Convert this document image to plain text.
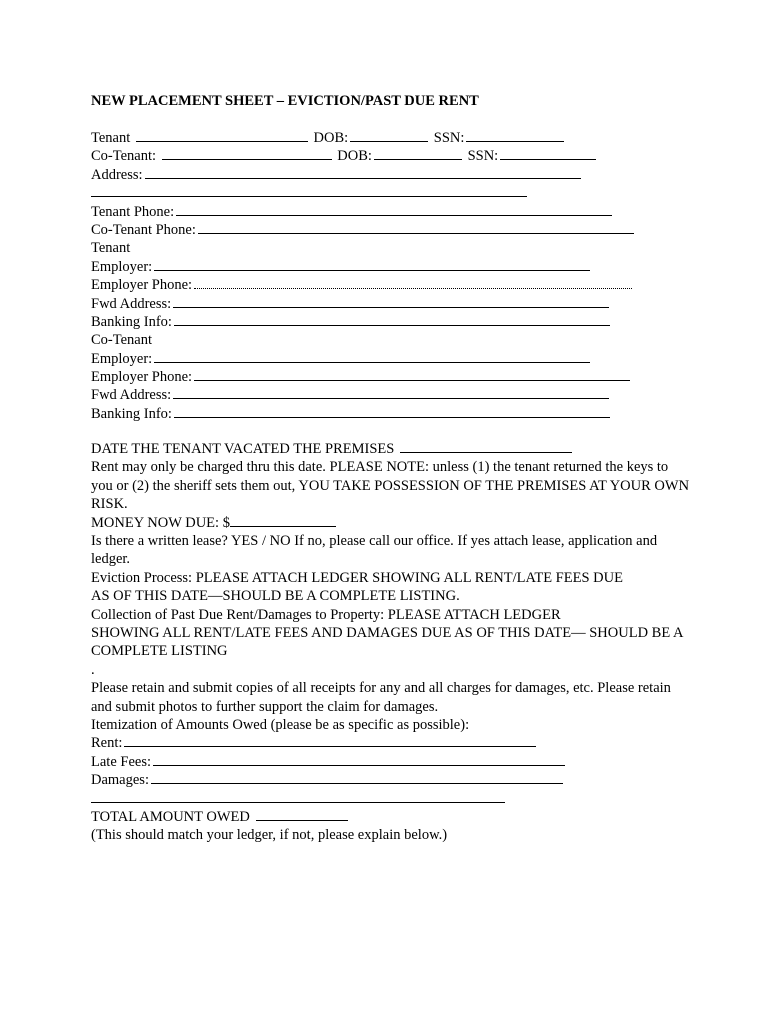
NEW PLACEMENT SHEET – EVICTION/PAST DUE RENT
Tenant	DOB:	SSN:
Co-Tenant:	DOB:	SSN:
Address:
Tenant Phone:
Co-Tenant Phone:
Tenant
Employer:
Employer Phone:
Fwd Address:
Banking Info:
Co-Tenant
Employer:
Employer Phone:
Fwd Address:
Banking Info:
DATE THE TENANT VACATED THE PREMISES
Rent may only be charged thru this date. PLEASE NOTE: unless (1) the tenant returned the keys to
you or (2) the sheriff sets them out, YOU TAKE POSSESSION OF THE PREMISES AT YOUR OWN RISK.
MONEY NOW DUE: $
Is there a written lease? YES / NO If no, please call our office. If yes attach lease, application and ledger.
Eviction Process: PLEASE ATTACH LEDGER SHOWING ALL RENT/LATE FEES DUE
AS OF THIS DATE—SHOULD BE A COMPLETE LISTING.
Collection of Past Due Rent/Damages to Property: PLEASE ATTACH LEDGER
SHOWING ALL RENT/LATE FEES AND DAMAGES DUE AS OF THIS DATE— SHOULD BE A COMPLETE LISTING
.
Please retain and submit copies of all receipts for any and all charges for damages, etc. Please retain
and submit photos to further support the claim for damages.
Itemization of Amounts Owed (please be as specific as possible):
Rent:
Late Fees:
Damages:
TOTAL AMOUNT OWED
(This should match your ledger, if not, please explain below.)
